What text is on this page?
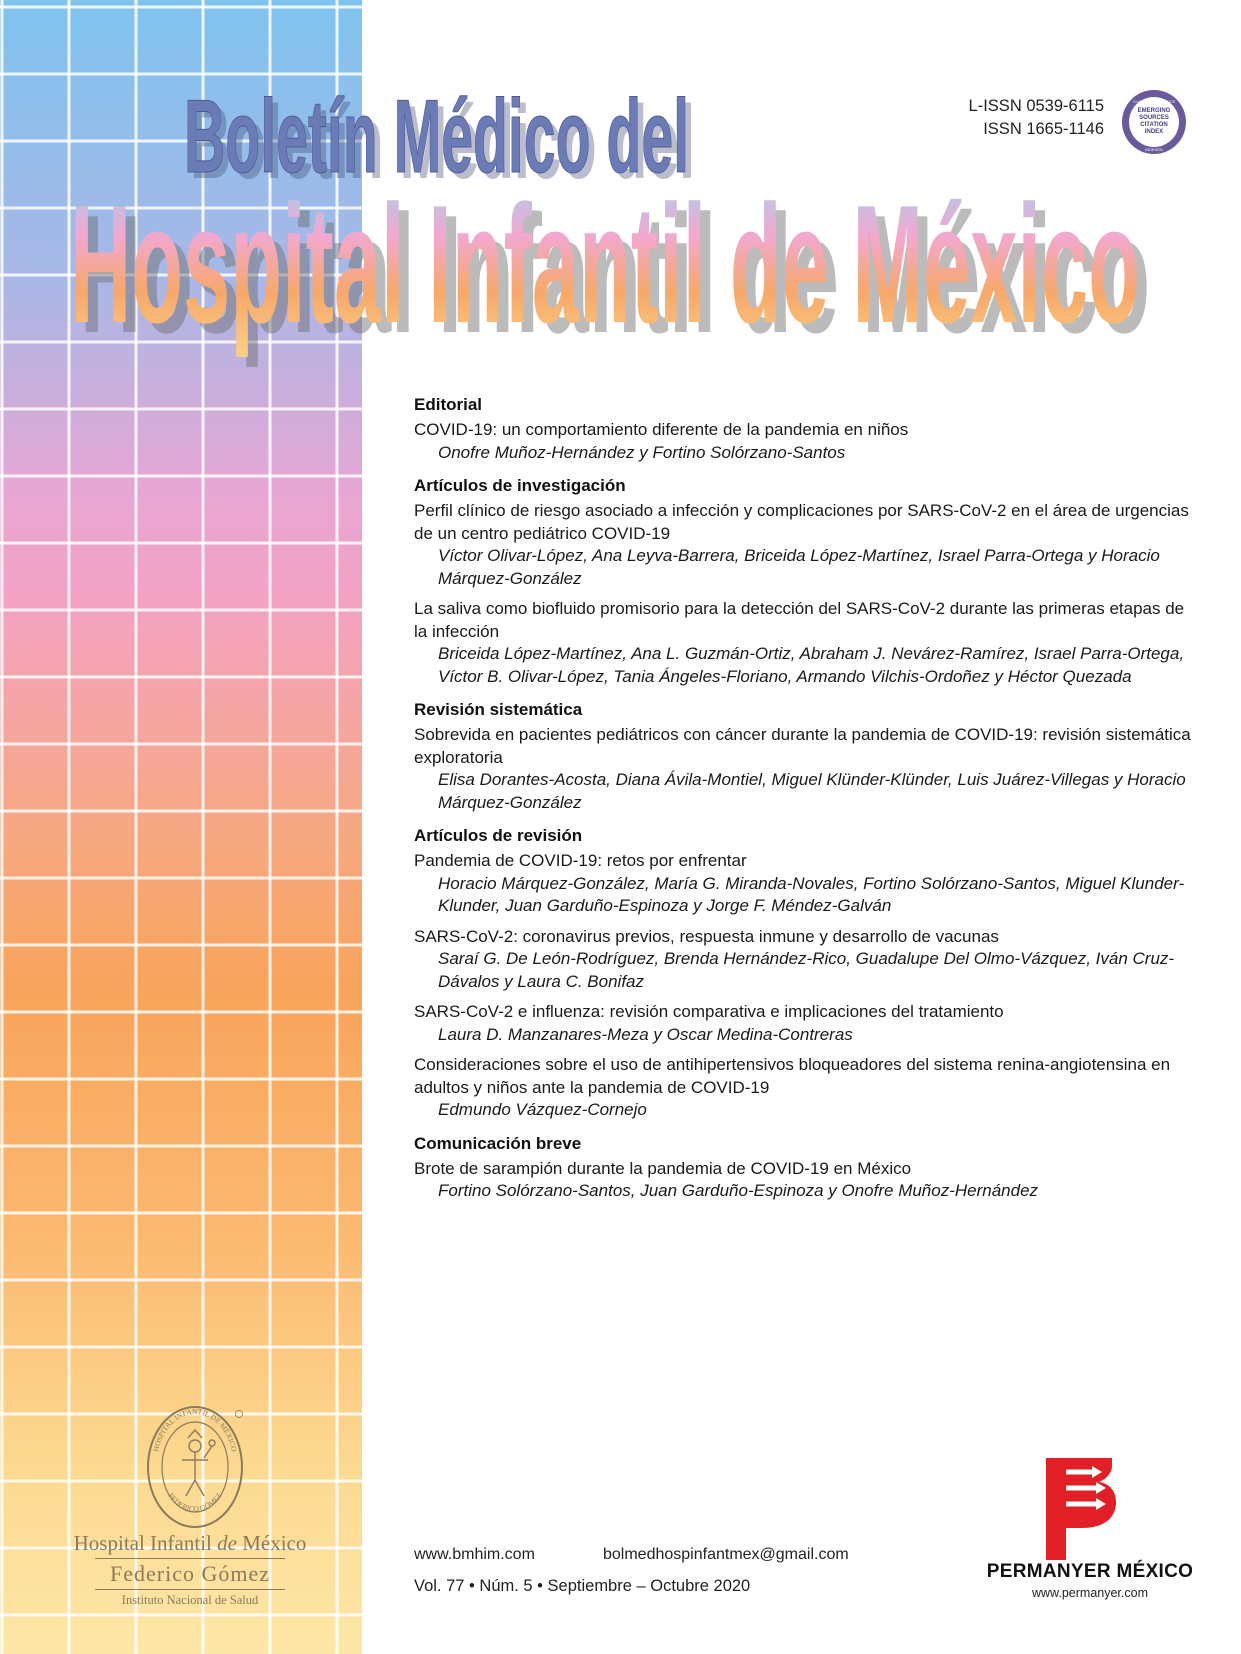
Boletín Médico del
Boletín Médico del
Hospital Infantil de México
Hospital Infantil de México
L-ISSN 0539-6115
ISSN 1665-1146
CLARIVATE ANALYTICS
EMERGING
SOURCES
CITATION
INDEX
INDEXED
Editorial
COVID-19: un comportamiento diferente de la pandemia en niños
Onofre Muñoz-Hernández y Fortino Solórzano-Santos
Artículos de investigación
Perfil clínico de riesgo asociado a infección y complicaciones por SARS-CoV-2 en el área de urgencias de un centro pediátrico COVID-19
Víctor Olivar-López, Ana Leyva-Barrera, Briceida López-Martínez, Israel Parra-Ortega y Horacio Márquez-González
La saliva como biofluido promisorio para la detección del SARS-CoV-2 durante las primeras etapas de la infección
Briceida López-Martínez, Ana L. Guzmán-Ortiz, Abraham J. Nevárez-Ramírez, Israel Parra-Ortega, Víctor B. Olivar-López, Tania Ángeles-Floriano, Armando Vilchis-Ordoñez y Héctor Quezada
Revisión sistemática
Sobrevida en pacientes pediátricos con cáncer durante la pandemia de COVID-19: revisión sistemática exploratoria
Elisa Dorantes-Acosta, Diana Ávila-Montiel, Miguel Klünder-Klünder, Luis Juárez-Villegas y Horacio Márquez-González
Artículos de revisión
Pandemia de COVID-19: retos por enfrentar
Horacio Márquez-González, María G. Miranda-Novales, Fortino Solórzano-Santos, Miguel Klunder-Klunder, Juan Garduño-Espinoza y Jorge F. Méndez-Galván
SARS-CoV-2: coronavirus previos, respuesta inmune y desarrollo de vacunas
Saraí G. De León-Rodríguez, Brenda Hernández-Rico, Guadalupe Del Olmo-Vázquez, Iván Cruz-Dávalos y Laura C. Bonifaz
SARS-CoV-2 e influenza: revisión comparativa e implicaciones del tratamiento
Laura D. Manzanares-Meza y Oscar Medina-Contreras
Consideraciones sobre el uso de antihipertensivos bloqueadores del sistema renina-angiotensina en adultos y niños ante la pandemia de COVID-19
Edmundo Vázquez-Cornejo
Comunicación breve
Brote de sarampión durante la pandemia de COVID-19 en México
Fortino Solórzano-Santos, Juan Garduño-Espinoza y Onofre Muñoz-Hernández
www.bmhim.com	bolmedhospinfantmex@gmail.com
Vol. 77 • Núm. 5 • Septiembre – Octubre 2020
HOSPITAL INFANTIL DE MÉXICO
FEDERICO GÓMEZ
Hospital Infantil de México
Federico Gómez
Instituto Nacional de Salud
PERMANYER MÉXICO
www.permanyer.com
